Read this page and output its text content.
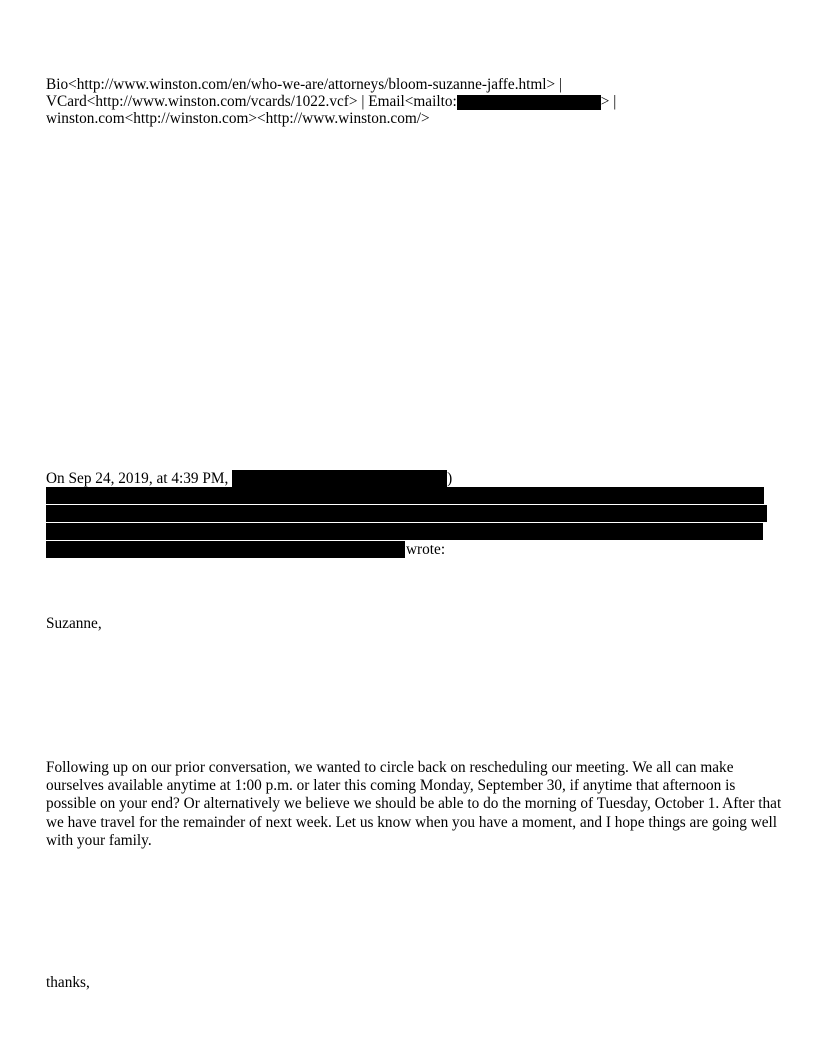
Bio<http://www.winston.com/en/who-we-are/attorneys/bloom-suzanne-jaffe.html> |
VCard<http://www.winston.com/vcards/1022.vcf> | Email<mailto:	> |
winston.com<http://winston.com><http://www.winston.com/>
On Sep 24, 2019, at 4:39 PM,	)
wrote:
Suzanne,
Following up on our prior conversation, we wanted to circle back on rescheduling our meeting. We all can make ourselves available anytime at 1:00 p.m. or later this coming Monday, September 30, if anytime that afternoon is possible on your end? Or alternatively we believe we should be able to do the morning of Tuesday, October 1. After that we have travel for the remainder of next week. Let us know when you have a moment, and I hope things are going well with your family.
thanks,
